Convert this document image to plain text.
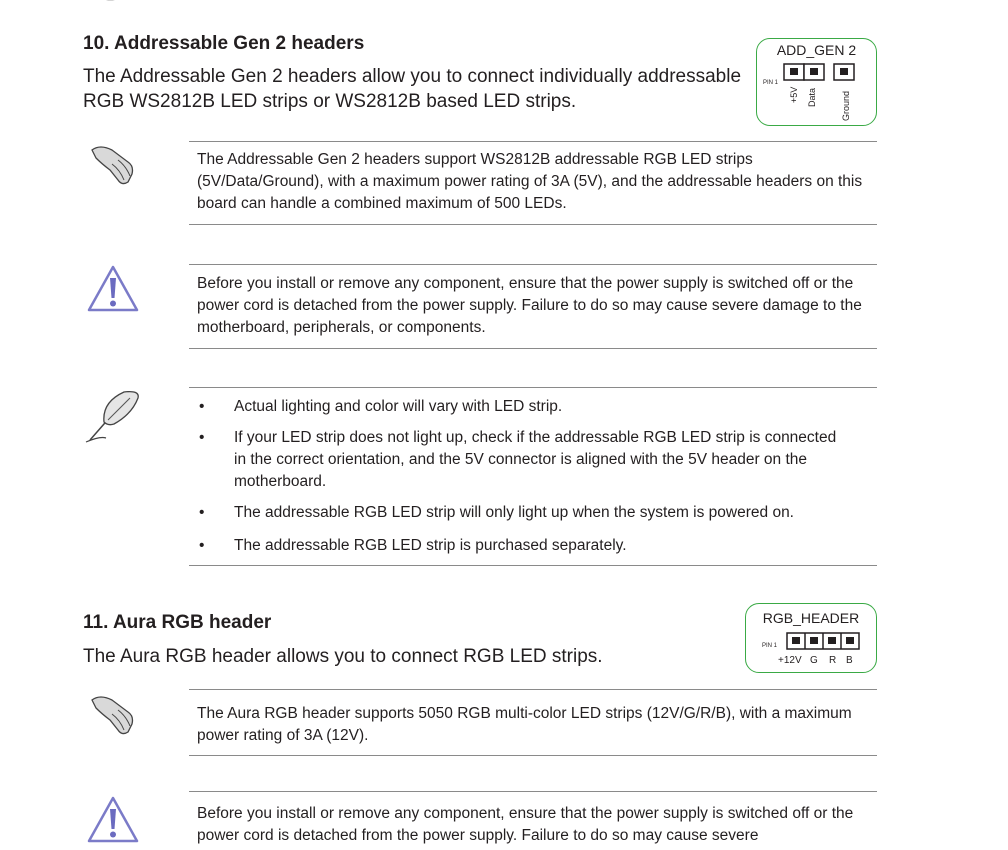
10. Addressable Gen 2 headers
The Addressable Gen 2 headers allow you to connect individually addressable RGB WS2812B LED strips or WS2812B based LED strips.
ADD_GEN 2
PIN 1
+5V Data	Ground
The Addressable Gen 2 headers support WS2812B addressable RGB LED strips (5V/Data/Ground), with a maximum power rating of 3A (5V), and the addressable headers on this board can handle a combined maximum of 500 LEDs.
Before you install or remove any component, ensure that the power supply is switched off or the power cord is detached from the power supply. Failure to do so may cause severe damage to the motherboard, peripherals, or components.
• Actual lighting and color will vary with LED strip.
• If your LED strip does not light up, check if the addressable RGB LED strip is connected in the correct orientation, and the 5V connector is aligned with the 5V header on the motherboard.
• The addressable RGB LED strip will only light up when the system is powered on.
• The addressable RGB LED strip is purchased separately.
11. Aura RGB header
The Aura RGB header allows you to connect RGB LED strips.
RGB_HEADER
PIN 1
+12V G R B
The Aura RGB header supports 5050 RGB multi-color LED strips (12V/G/R/B), with a maximum power rating of 3A (12V).
Before you install or remove any component, ensure that the power supply is switched off or the power cord is detached from the power supply. Failure to do so may cause severe
